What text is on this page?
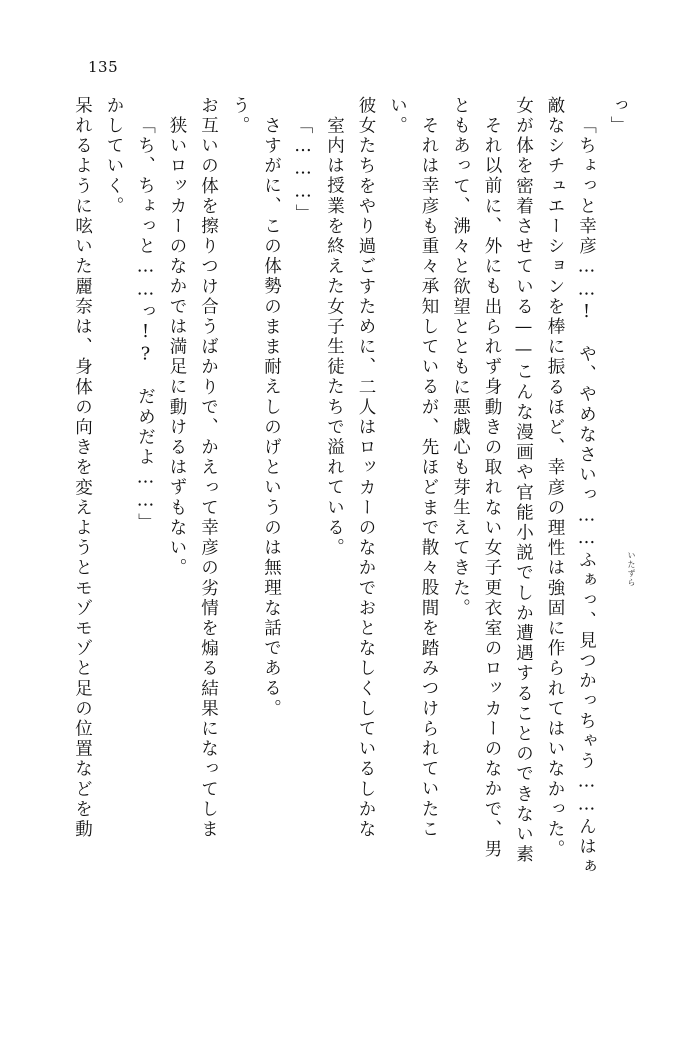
135
呆れるように呟いた麗奈は、身体の向きを変えようとモゾモゾと足の位置などを動 かしていく。 「ち、ちょっと……っ!?　だめだよ……」 狭いロッカーのなかでは満足に動けるはずもない。 お互いの体を擦りつけ合うばかりで、かえって幸彦の劣情を煽る結果になってしま う。 さすがに、この体勢のまま耐えしのげというのは無理な話である。 「………」 室内は授業を終えた女子生徒たちで溢れている。 彼女たちをやり過ごすために、二人はロッカーのなかでおとなしくしているしかな い。 それは幸彦も重々承知しているが、先ほどまで散々股間を踏みつけられていたこ ともあって、沸々と欲望とともに悪戯心も芽生えてきた。	いたずら
それ以前に、外にも出られず身動きの取れない女子更衣室のロッカーのなかで、男 女が体を密着させている——こんな漫画や官能小説でしか遭遇することのできない素 敵なシチュエーションを棒に振るほど、幸彦の理性は強固に作られてはいなかった。 「ちょっと幸彦……!　や、やめなさいっ……ふぁっ、見つかっちゃう……んはぁ っ」
